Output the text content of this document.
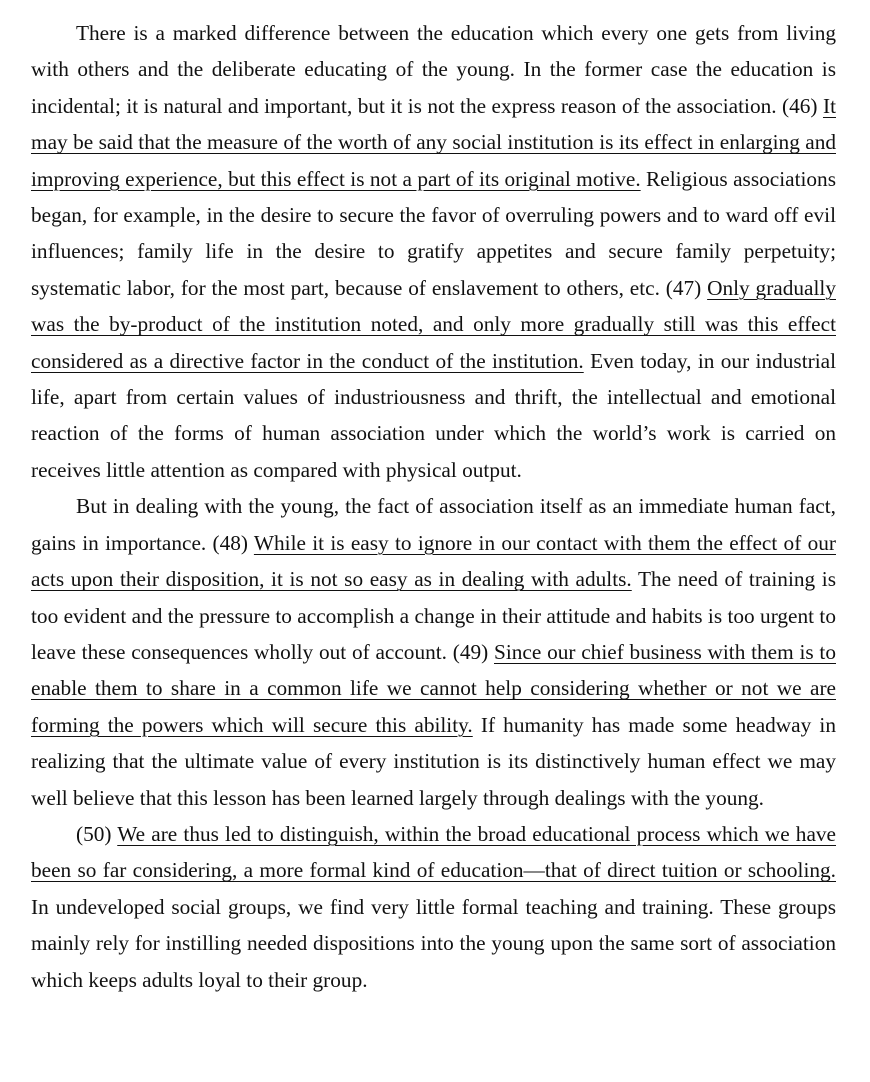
There is a marked difference between the education which every one gets from living with others and the deliberate educating of the young. In the former case the education is incidental; it is natural and important, but it is not the express reason of the association. (46) It may be said that the measure of the worth of any social institution is its effect in enlarging and improving experience, but this effect is not a part of its original motive. Religious associations began, for example, in the desire to secure the favor of overruling powers and to ward off evil influences; family life in the desire to gratify appetites and secure family perpetuity; systematic labor, for the most part, because of enslavement to others, etc. (47) Only gradually was the by-product of the institution noted, and only more gradually still was this effect considered as a directive factor in the conduct of the institution. Even today, in our industrial life, apart from certain values of industriousness and thrift, the intellectual and emotional reaction of the forms of human association under which the world’s work is carried on receives little attention as compared with physical output.

But in dealing with the young, the fact of association itself as an immediate human fact, gains in importance. (48) While it is easy to ignore in our contact with them the effect of our acts upon their disposition, it is not so easy as in dealing with adults. The need of training is too evident and the pressure to accomplish a change in their attitude and habits is too urgent to leave these consequences wholly out of account. (49) Since our chief business with them is to enable them to share in a common life we cannot help considering whether or not we are forming the powers which will secure this ability. If humanity has made some headway in realizing that the ultimate value of every institution is its distinctively human effect we may well believe that this lesson has been learned largely through dealings with the young.

(50) We are thus led to distinguish, within the broad educational process which we have been so far considering, a more formal kind of education—that of direct tuition or schooling. In undeveloped social groups, we find very little formal teaching and training. These groups mainly rely for instilling needed dispositions into the young upon the same sort of association which keeps adults loyal to their group.
